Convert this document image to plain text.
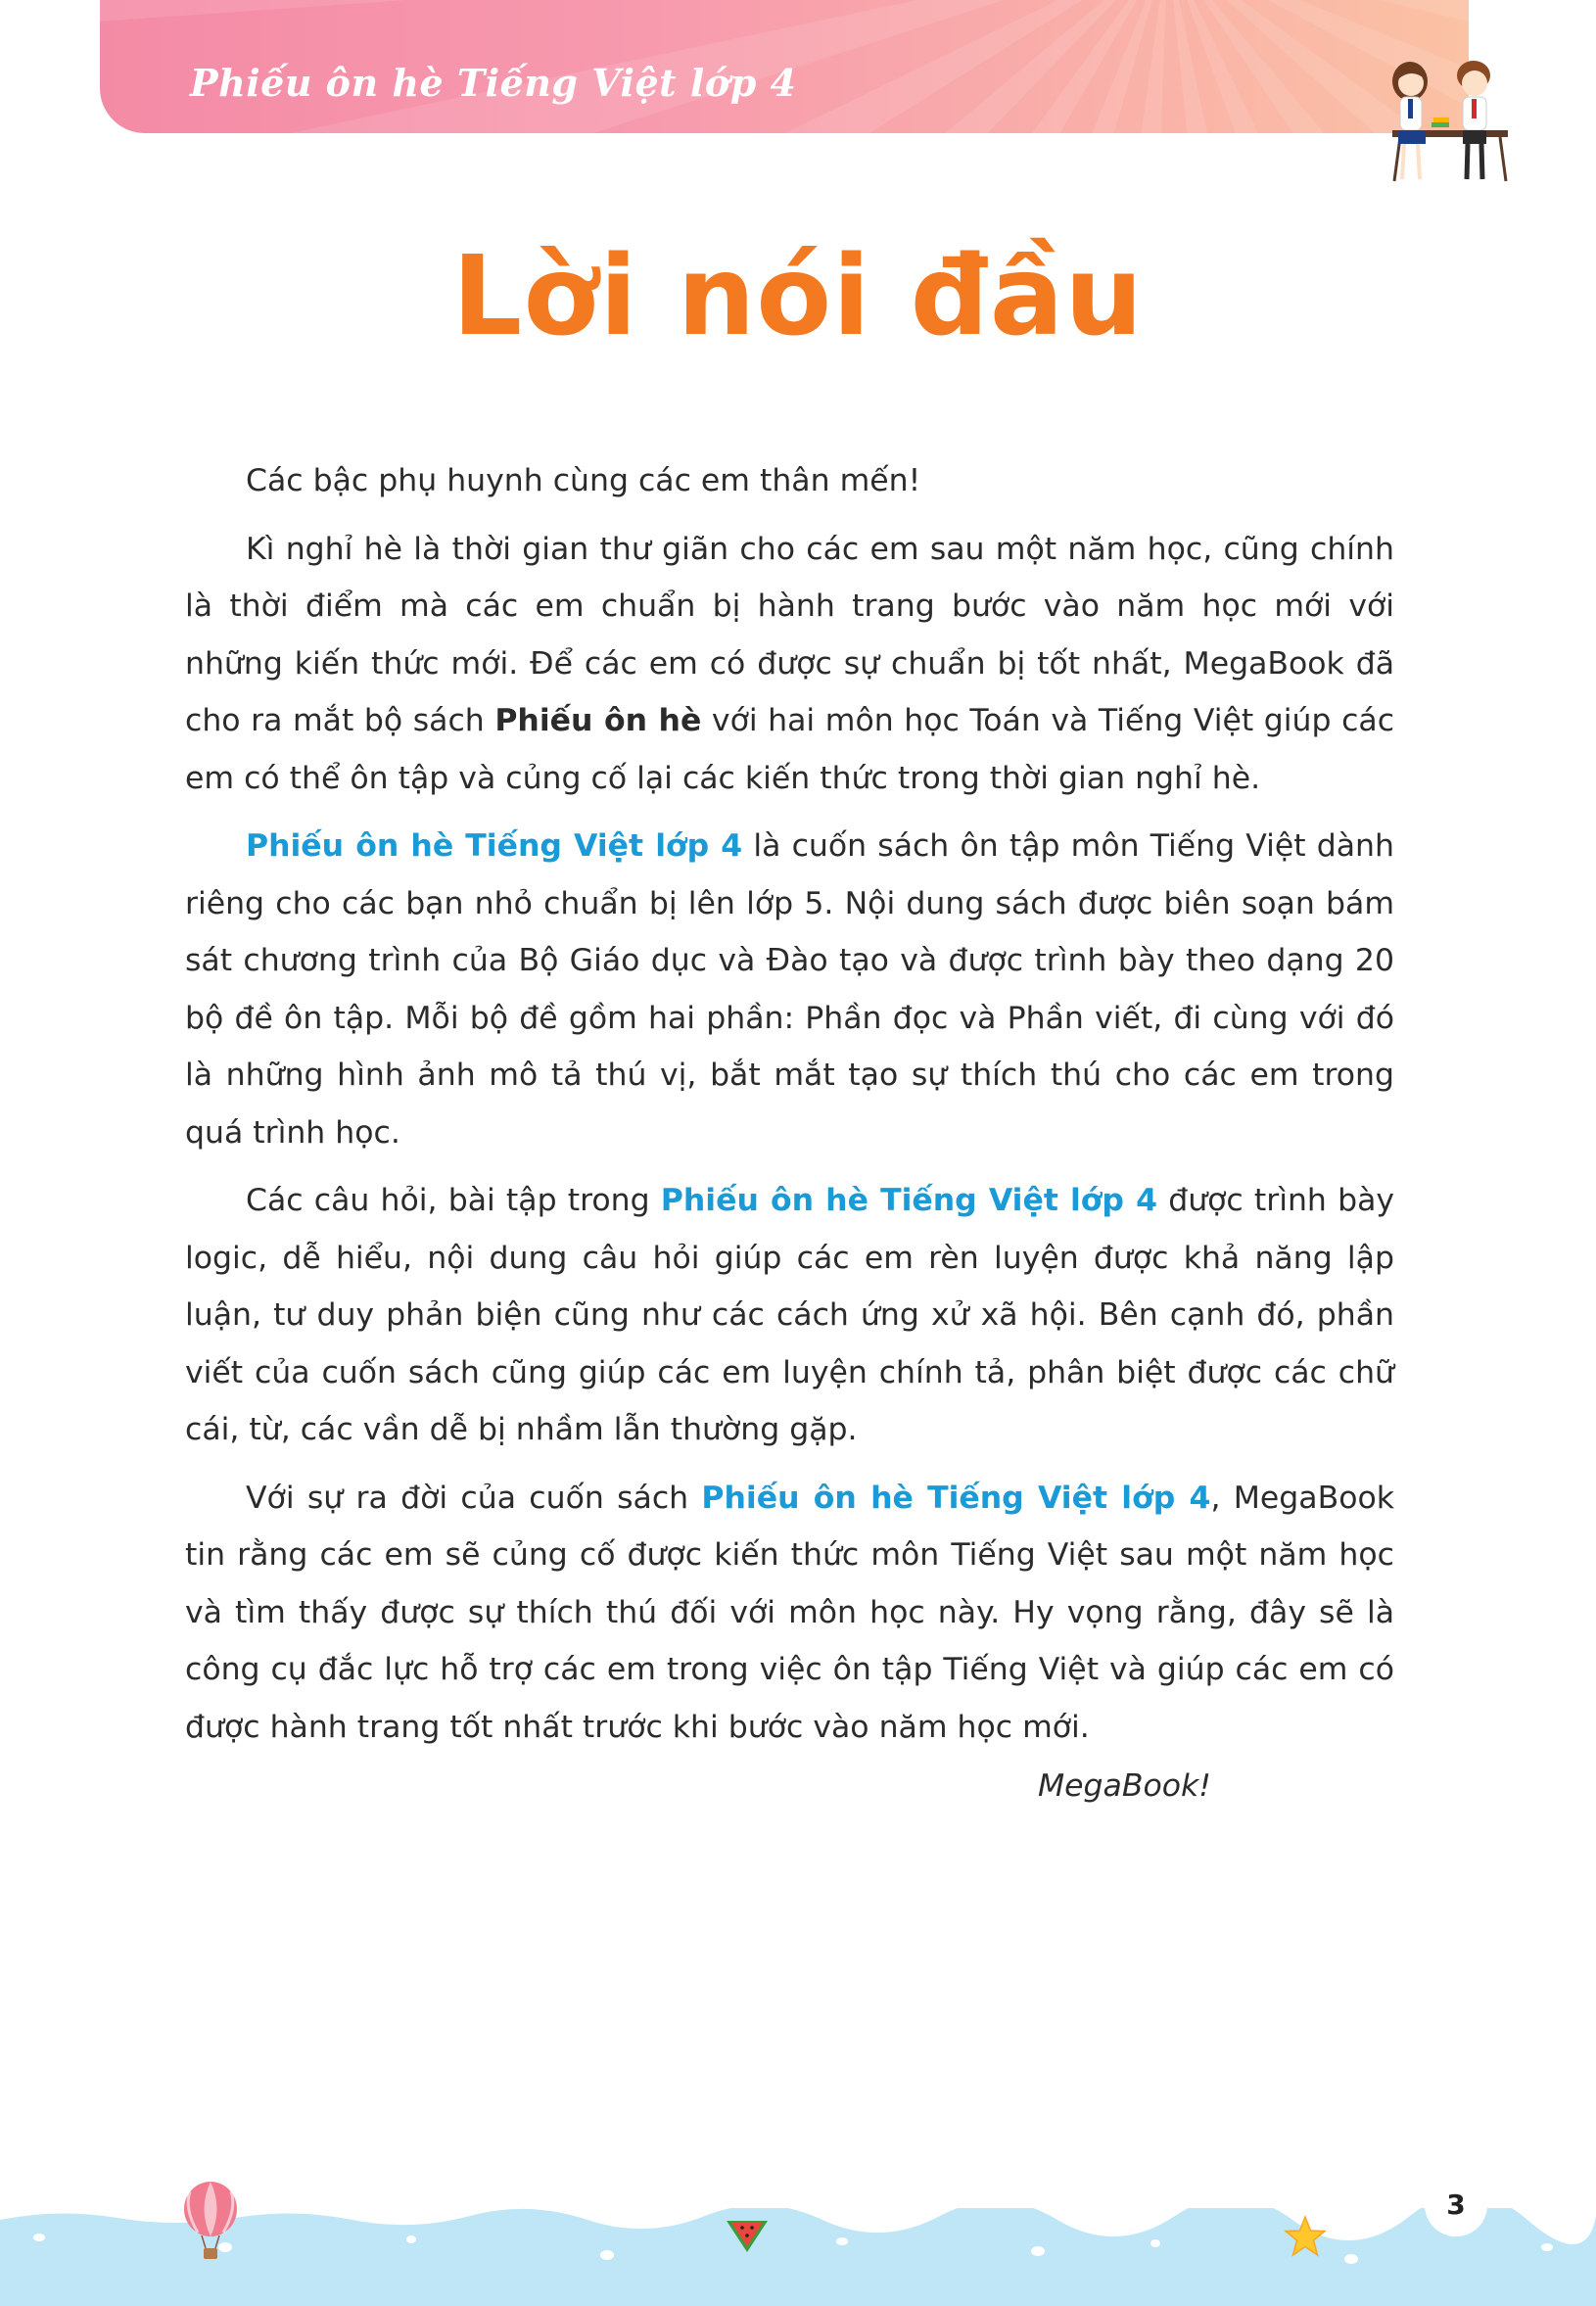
Phiếu ôn hè Tiếng Việt lớp 4
Lời nói đầu

Các bậc phụ huynh cùng các em thân mến!

Kì nghỉ hè là thời gian thư giãn cho các em sau một năm học, cũng chính là thời điểm mà các em chuẩn bị hành trang bước vào năm học mới với những kiến thức mới. Để các em có được sự chuẩn bị tốt nhất, MegaBook đã cho ra mắt bộ sách Phiếu ôn hè với hai môn học Toán và Tiếng Việt giúp các em có thể ôn tập và củng cố lại các kiến thức trong thời gian nghỉ hè.

Phiếu ôn hè Tiếng Việt lớp 4 là cuốn sách ôn tập môn Tiếng Việt dành riêng cho các bạn nhỏ chuẩn bị lên lớp 5. Nội dung sách được biên soạn bám sát chương trình của Bộ Giáo dục và Đào tạo và được trình bày theo dạng 20 bộ đề ôn tập. Mỗi bộ đề gồm hai phần: Phần đọc và Phần viết, đi cùng với đó là những hình ảnh mô tả thú vị, bắt mắt tạo sự thích thú cho các em trong quá trình học.

Các câu hỏi, bài tập trong Phiếu ôn hè Tiếng Việt lớp 4 được trình bày logic, dễ hiểu, nội dung câu hỏi giúp các em rèn luyện được khả năng lập luận, tư duy phản biện cũng như các cách ứng xử xã hội. Bên cạnh đó, phần viết của cuốn sách cũng giúp các em luyện chính tả, phân biệt được các chữ cái, từ, các vần dễ bị nhầm lẫn thường gặp.

Với sự ra đời của cuốn sách Phiếu ôn hè Tiếng Việt lớp 4, MegaBook tin rằng các em sẽ củng cố được kiến thức môn Tiếng Việt sau một năm học và tìm thấy được sự thích thú đối với môn học này. Hy vọng rằng, đây sẽ là công cụ đắc lực hỗ trợ các em trong việc ôn tập Tiếng Việt và giúp các em có được hành trang tốt nhất trước khi bước vào năm học mới.

MegaBook!
3
